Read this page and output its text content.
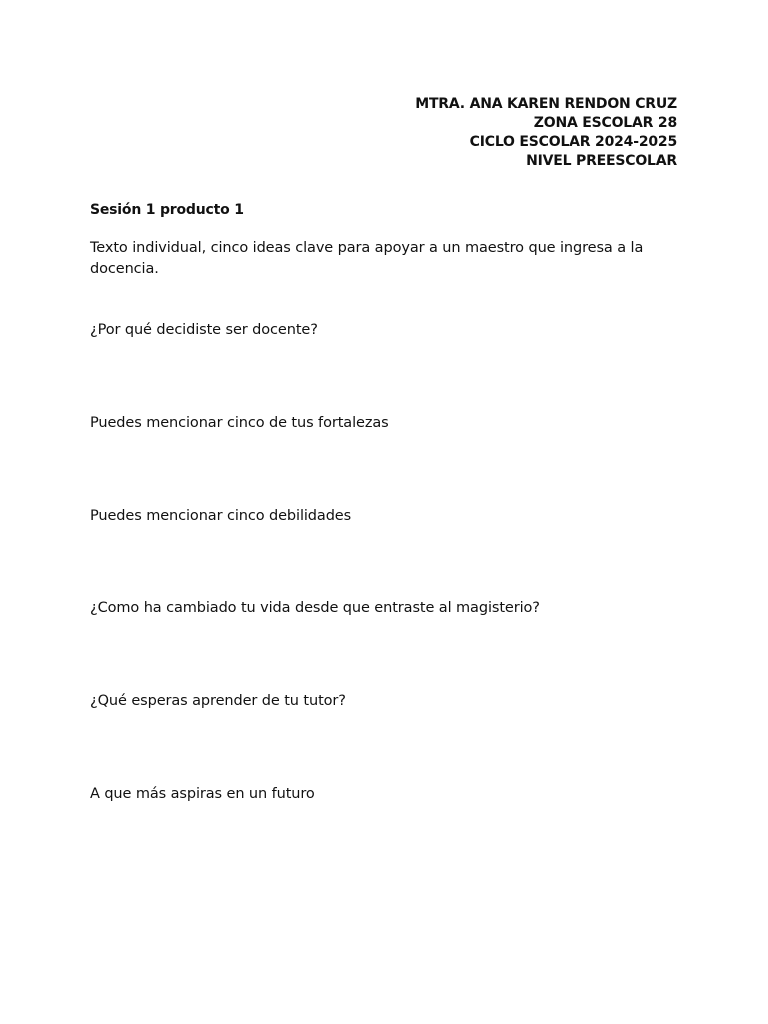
MTRA. ANA KAREN RENDON CRUZ
ZONA ESCOLAR 28
CICLO ESCOLAR 2024-2025
NIVEL PREESCOLAR
Sesión 1 producto 1
Texto individual, cinco ideas clave para apoyar a un maestro que ingresa a la docencia.
¿Por qué decidiste ser docente?
Puedes mencionar cinco de tus fortalezas
Puedes mencionar cinco debilidades
¿Como ha cambiado tu vida desde que entraste al magisterio?
¿Qué esperas aprender de tu tutor?
A que más aspiras en un futuro
